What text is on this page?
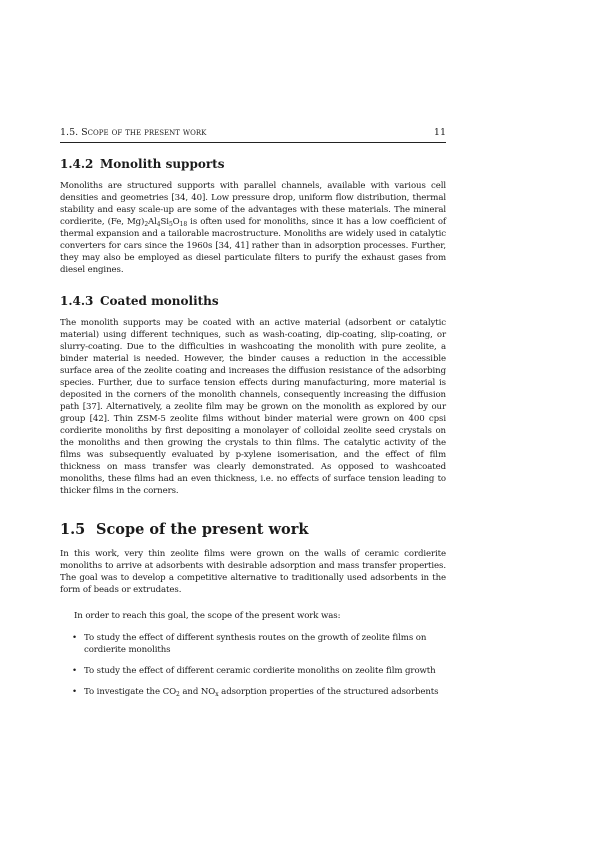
1.5. Scope of the present work	11
1.4.2 Monolith supports

Monoliths are structured supports with parallel channels, available with various cell densities and geometries [34, 40]. Low pressure drop, uniform flow distribution, thermal stability and easy scale-up are some of the advantages with these materials. The mineral cordierite, (Fe, $Mg)_2Al_4Si_5O_{18}$ is often used for monoliths, since it has a low coefficient of thermal expansion and a tailorable macrostructure. Monoliths are widely used in catalytic converters for cars since the 1960s [34, 41] rather than in adsorption processes. Further, they may also be employed as diesel particulate filters to purify the exhaust gases from diesel engines.

1.4.3 Coated monoliths

The monolith supports may be coated with an active material (adsorbent or catalytic material) using different techniques, such as wash-coating, dip-coating, slip-coating, or slurry-coating. Due to the difficulties in washcoating the monolith with pure zeolite, a binder material is needed. However, the binder causes a reduction in the accessible surface area of the zeolite coating and increases the diffusion resistance of the adsorbing species. Further, due to surface tension effects during manufacturing, more material is deposited in the corners of the monolith channels, consequently increasing the diffusion path [37]. Alternatively, a zeolite film may be grown on the monolith as explored by our group [42]. Thin ZSM-5 zeolite films without binder material were grown on 400 cpsi cordierite monoliths by first depositing a monolayer of colloidal zeolite seed crystals on the monoliths and then growing the crystals to thin films. The catalytic activity of the films was subsequently evaluated by p-xylene isomerisation, and the effect of film thickness on mass transfer was clearly demonstrated. As opposed to washcoated monoliths, these films had an even thickness, i.e. no effects of surface tension leading to thicker films in the corners.

1.5 Scope of the present work

In this work, very thin zeolite films were grown on the walls of ceramic cordierite monoliths to arrive at adsorbents with desirable adsorption and mass transfer properties. The goal was to develop a competitive alternative to traditionally used adsorbents in the form of beads or extrudates.

In order to reach this goal, the scope of the present work was:

• To study the effect of different synthesis routes on the growth of zeolite films on cordierite monoliths
• To study the effect of different ceramic cordierite monoliths on zeolite film growth
• To investigate the $CO_2$ and $NO_x$ adsorption properties of the structured adsorbents
